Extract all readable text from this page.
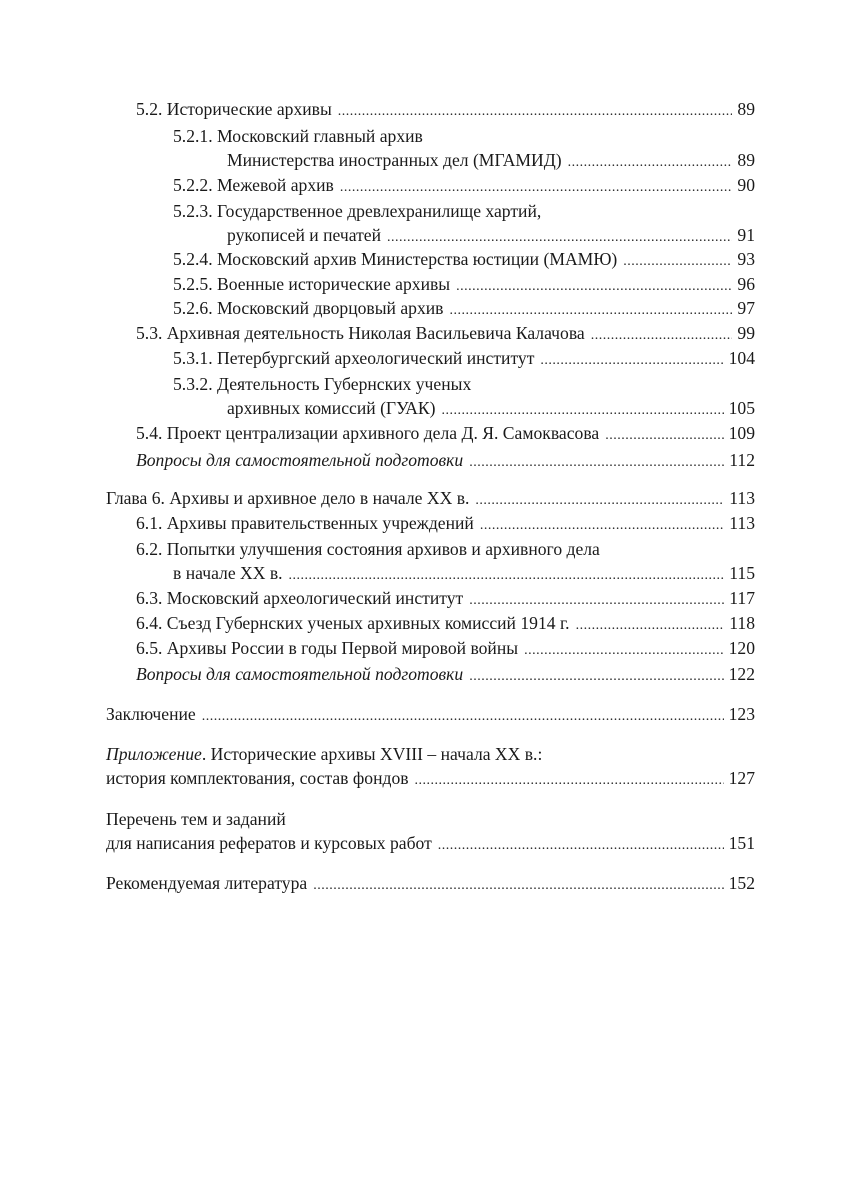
5.2. Исторические архивы .....	89
5.2.1. Московский главный архив
Министерства иностранных дел (МГАМИД) .....	89
5.2.2. Межевой архив .....	90
5.2.3. Государственное древлехранилище хартий,
рукописей и печатей .....	91
5.2.4. Московский архив Министерства юстиции (МАМЮ) .....	93
5.2.5. Военные исторические архивы .....	96
5.2.6. Московский дворцовый архив .....	97
5.3. Архивная деятельность Николая Васильевича Калачова .....	99
5.3.1. Петербургский археологический институт .....	104
5.3.2. Деятельность Губернских ученых
архивных комиссий (ГУАК) .....	105
5.4. Проект централизации архивного дела Д. Я. Самоквасова .....	109
Вопросы для самостоятельной подготовки .....	112
Глава 6. Архивы и архивное дело в начале XX в. .....	113
6.1. Архивы правительственных учреждений .....	113
6.2. Попытки улучшения состояния архивов и архивного дела
в начале XX в. .....	115
6.3. Московский археологический институт .....	117
6.4. Съезд Губернских ученых архивных комиссий 1914 г. .....	118
6.5. Архивы России в годы Первой мировой войны .....	120
Вопросы для самостоятельной подготовки .....	122
Заключение .....	123
Приложение. Исторические архивы XVIII – начала XX в.:
история комплектования, состав фондов .....	127
Перечень тем и заданий
для написания рефератов и курсовых работ .....	151
Рекомендуемая литература .....	152
